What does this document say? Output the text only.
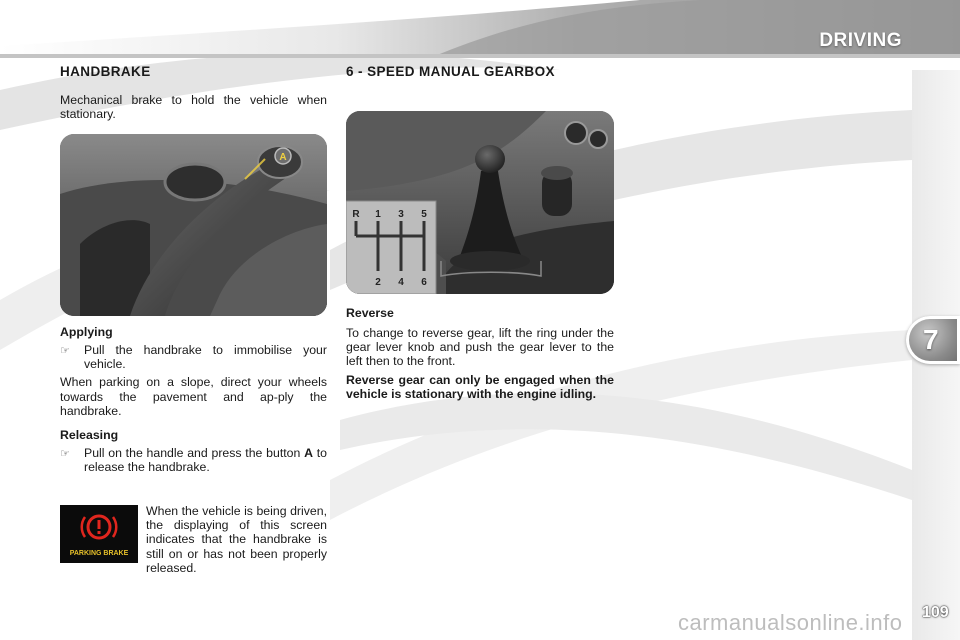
DRIVING
7
HANDBRAKE

Mechanical brake to hold the vehicle when stationary.

A
Applying
☞	Pull the handbrake to immobilise your vehicle.

When parking on a slope, direct your wheels towards the pavement and ap-ply the handbrake.

Releasing
☞	Pull on the handle and press the button A to release the handbrake.
PARKING BRAKE
When the vehicle is being driven, the displaying of this screen indicates that the handbrake is still on or has not been properly released.
6 - SPEED MANUAL GEARBOX
R 1 3 5
2 4 6
Reverse

To change to reverse gear, lift the ring under the gear lever knob and push the gear lever to the left then to the front.

Reverse gear can only be engaged when the vehicle is stationary with the engine idling.

109
carmanualsonline.info
